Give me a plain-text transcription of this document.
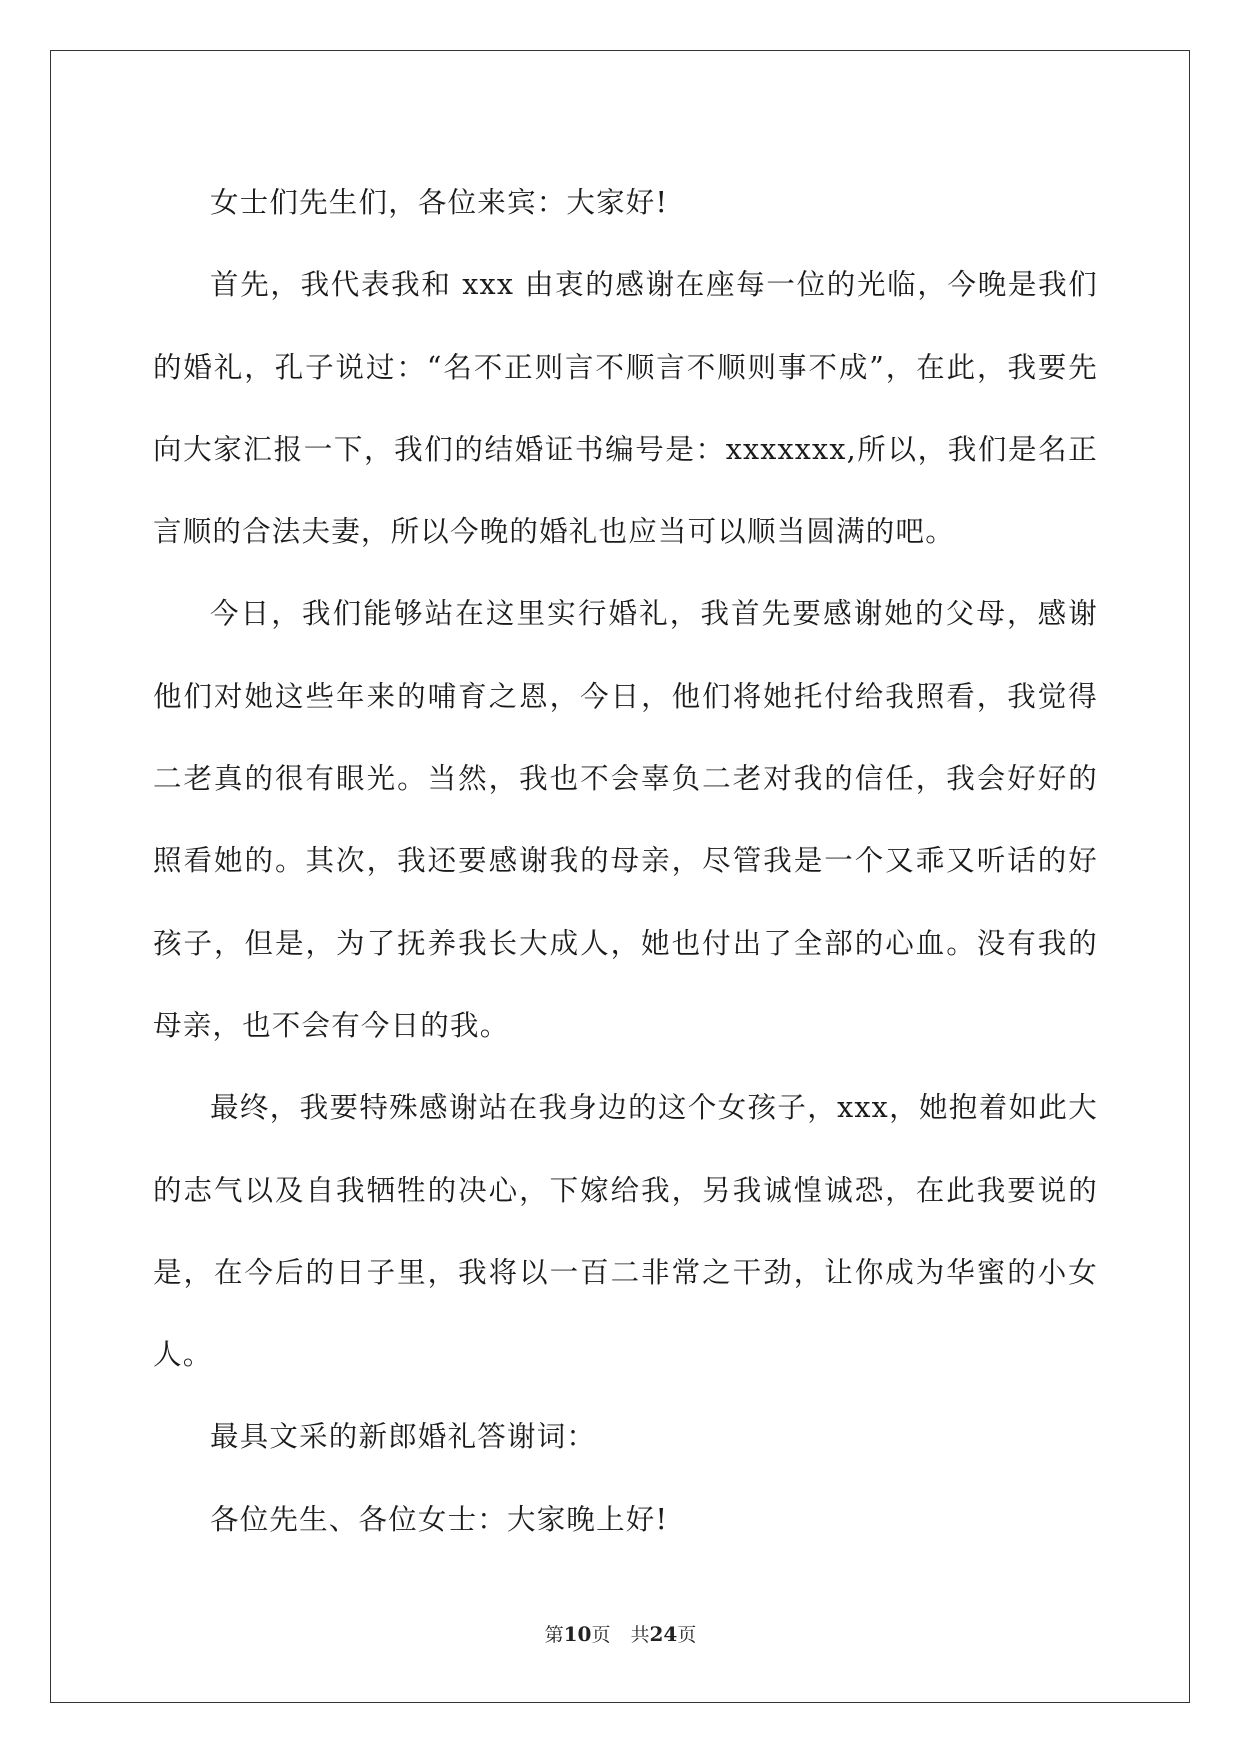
女士们先生们，各位来宾：大家好!

首先，我代表我和 xxx 由衷的感谢在座每一位的光临，今晚是我们的婚礼，孔子说过：“名不正则言不顺言不顺则事不成”，在此，我要先向大家汇报一下，我们的结婚证书编号是：xxxxxxx,所以，我们是名正言顺的合法夫妻，所以今晚的婚礼也应当可以顺当圆满的吧。

今日，我们能够站在这里实行婚礼，我首先要感谢她的父母，感谢他们对她这些年来的哺育之恩，今日，他们将她托付给我照看，我觉得二老真的很有眼光。当然，我也不会辜负二老对我的信任，我会好好的照看她的。其次，我还要感谢我的母亲，尽管我是一个又乖又听话的好孩子，但是，为了抚养我长大成人，她也付出了全部的心血。没有我的母亲，也不会有今日的我。

最终，我要特殊感谢站在我身边的这个女孩子，xxx，她抱着如此大的志气以及自我牺牲的决心，下嫁给我，另我诚惶诚恐，在此我要说的是，在今后的日子里，我将以一百二非常之干劲，让你成为华蜜的小女人。

最具文采的新郎婚礼答谢词：

各位先生、各位女士：大家晚上好!

第10页 共24页
